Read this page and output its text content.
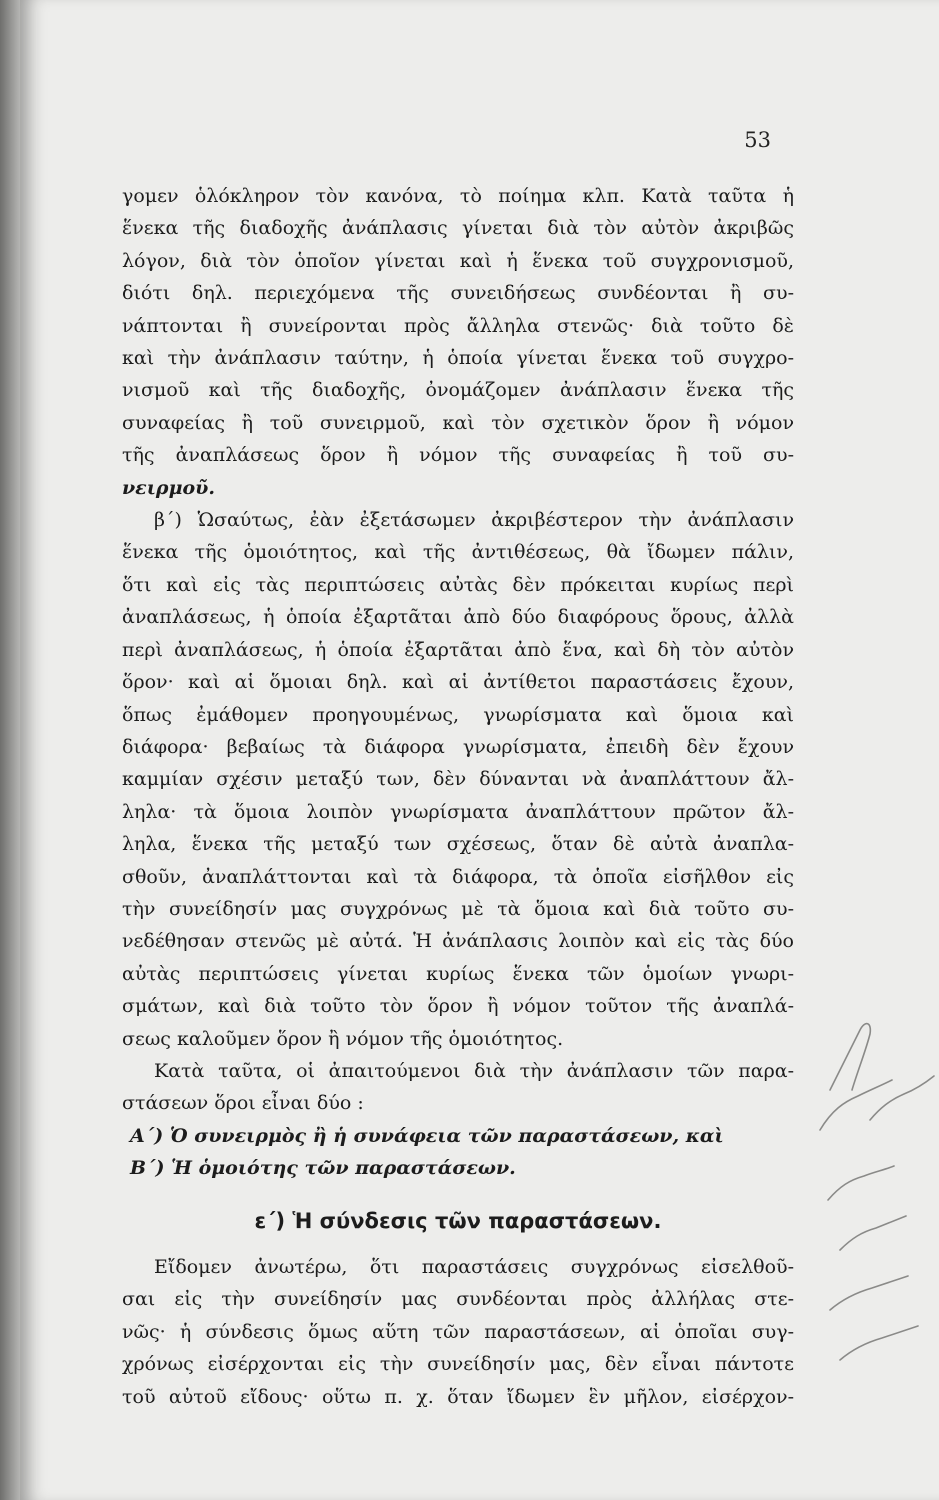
53
γομεν ὁλόκληρον τὸν κανόνα, τὸ ποίημα κλπ. Κατὰ ταῦτα ἡ
ἕνεκα τῆς διαδοχῆς ἀνάπλασις γίνεται διὰ τὸν αὐτὸν ἀκριβῶς
λόγον, διὰ τὸν ὁποῖον γίνεται καὶ ἡ ἕνεκα τοῦ συγχρονισμοῦ,
διότι δηλ. περιεχόμενα τῆς συνειδήσεως συνδέονται ἢ συ-
νάπτονται ἢ συνείρονται πρὸς ἄλληλα στενῶς· διὰ τοῦτο δὲ
καὶ τὴν ἀνάπλασιν ταύτην, ἡ ὁποία γίνεται ἕνεκα τοῦ συγχρο-
νισμοῦ καὶ τῆς διαδοχῆς, ὀνομάζομεν ἀνάπλασιν ἕνεκα τῆς
συναφείας ἢ τοῦ συνειρμοῦ, καὶ τὸν σχετικὸν ὅρον ἢ νόμον
τῆς ἀναπλάσεως ὅρον ἢ νόμον τῆς συναφείας ἢ τοῦ συ-
νειρμοῦ.
β΄) Ὡσαύτως, ἐὰν ἐξετάσωμεν ἀκριβέστερον τὴν ἀνάπλασιν
ἕνεκα τῆς ὁμοιότητος, καὶ τῆς ἀντιθέσεως, θὰ ἴδωμεν πάλιν,
ὅτι καὶ εἰς τὰς περιπτώσεις αὐτὰς δὲν πρόκειται κυρίως περὶ
ἀναπλάσεως, ἡ ὁποία ἐξαρτᾶται ἀπὸ δύο διαφόρους ὅρους, ἀλλὰ
περὶ ἀναπλάσεως, ἡ ὁποία ἐξαρτᾶται ἀπὸ ἕνα, καὶ δὴ τὸν αὐτὸν
ὅρον· καὶ αἱ ὅμοιαι δηλ. καὶ αἱ ἀντίθετοι παραστάσεις ἔχουν,
ὅπως ἐμάθομεν προηγουμένως, γνωρίσματα καὶ ὅμοια καὶ
διάφορα· βεβαίως τὰ διάφορα γνωρίσματα, ἐπειδὴ δὲν ἔχουν
καμμίαν σχέσιν μεταξύ των, δὲν δύνανται νὰ ἀναπλάττουν ἄλ-
ληλα· τὰ ὅμοια λοιπὸν γνωρίσματα ἀναπλάττουν πρῶτον ἄλ-
ληλα, ἕνεκα τῆς μεταξύ των σχέσεως, ὅταν δὲ αὐτὰ ἀναπλα-
σθοῦν, ἀναπλάττονται καὶ τὰ διάφορα, τὰ ὁποῖα εἰσῆλθον εἰς
τὴν συνείδησίν μας συγχρόνως μὲ τὰ ὅμοια καὶ διὰ τοῦτο συ-
νεδέθησαν στενῶς μὲ αὐτά. Ἡ ἀνάπλασις λοιπὸν καὶ εἰς τὰς δύο
αὐτὰς περιπτώσεις γίνεται κυρίως ἕνεκα τῶν ὁμοίων γνωρι-
σμάτων, καὶ διὰ τοῦτο τὸν ὅρον ἢ νόμον τοῦτον τῆς ἀναπλά-
σεως καλοῦμεν ὅρον ἢ νόμον τῆς ὁμοιότητος.
Κατὰ ταῦτα, οἱ ἀπαιτούμενοι διὰ τὴν ἀνάπλασιν τῶν παρα-
στάσεων ὅροι εἶναι δύο :
Α΄) Ὁ συνειρμὸς ἢ ἡ συνάφεια τῶν παραστάσεων, καὶ
Β΄) Ἡ ὁμοιότης τῶν παραστάσεων.
ε΄) Ἡ σύνδεσις τῶν παραστάσεων.
Εἴδομεν ἀνωτέρω, ὅτι παραστάσεις συγχρόνως εἰσελθοῦ-
σαι εἰς τὴν συνείδησίν μας συνδέονται πρὸς ἀλλήλας στε-
νῶς· ἡ σύνδεσις ὅμως αὕτη τῶν παραστάσεων, αἱ ὁποῖαι συγ-
χρόνως εἰσέρχονται εἰς τὴν συνείδησίν μας, δὲν εἶναι πάντοτε
τοῦ αὐτοῦ εἴδους· οὕτω π. χ. ὅταν ἴδωμεν ἓν μῆλον, εἰσέρχον-
